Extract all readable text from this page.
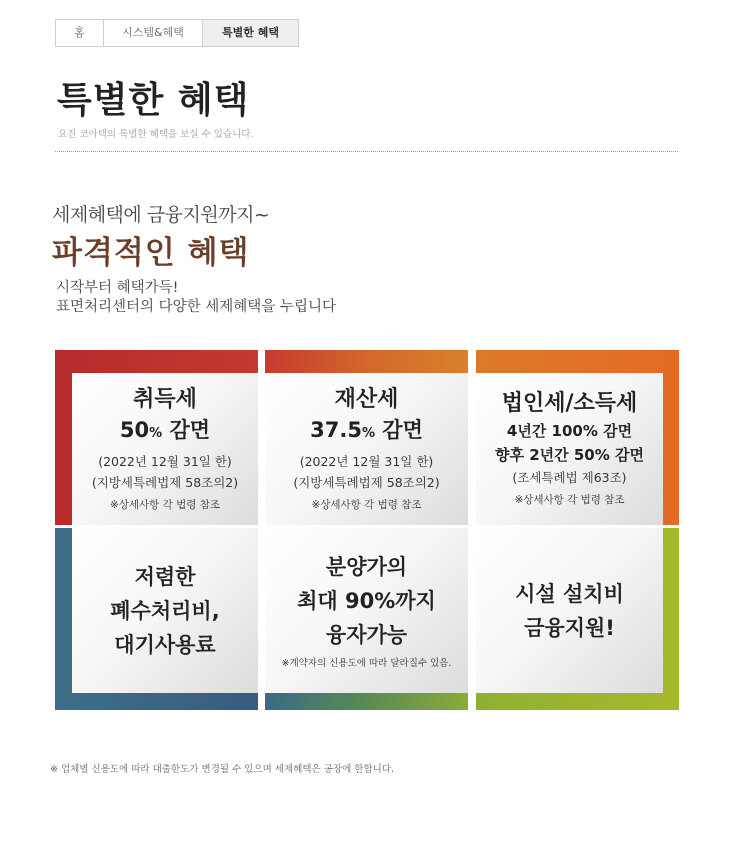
홈	시스템&혜택	특별한 혜택
특별한 혜택
요진 코아텍의 특별한 혜택을 보실 수 있습니다.
세제혜택에 금융지원까지~
파격적인 혜택
시작부터 혜택가득!
표면처리센터의 다양한 세제혜택을 누립니다
취득세
50% 감면
(2022년 12월 31일 한)
(지방세특례법제 58조의2)
※상세사항 각 법령 참조
재산세
37.5% 감면
(2022년 12월 31일 한)
(지방세특례법제 58조의2)
※상세사항 각 법령 참조
법인세/소득세
4년간 100% 감면
향후 2년간 50% 감면
(조세특례법 제63조)
※상세사항 각 법령 참조
저렴한
폐수처리비,
대기사용료
분양가의
최대 90%까지
융자가능
※계약자의 신용도에 따라 달라질수 있음.
시설 설치비
금융지원!
※ 업체별 신용도에 따라 대출한도가 변경될 수 있으며 세제혜택은 공장에 한합니다.
